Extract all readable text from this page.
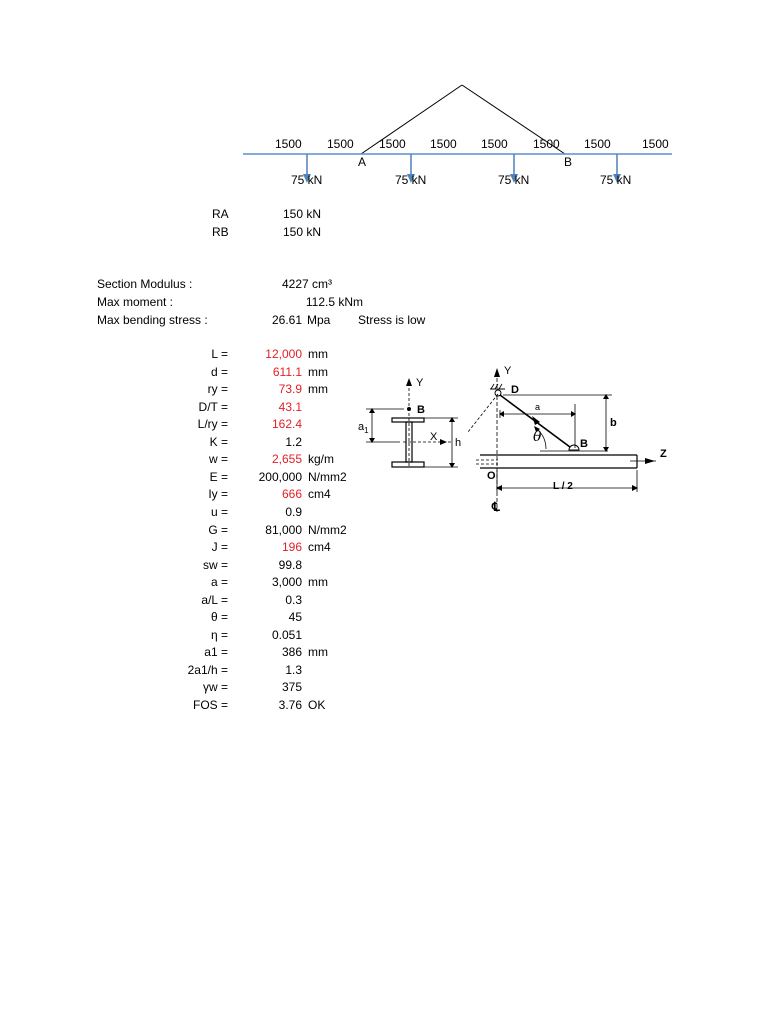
1500 1500 1500 1500 1500 1500 1500	1500
A	B
75 kN	75 kN	75 kN	75 kN
RA	150 kN
RB	150 kN
Section Modulus :	4227 cm³
Max moment :	112.5 kNm
Max bending stress :	26.61 Mpa Stress is low
L =	12,000 mm
d =	611.1 mm
ry =	73.9 mm
D/T =	43.1
L/ry =	162.4
K =	1.2
w =	2,655 kg/m
E =	200,000 N/mm2
Iy =	666 cm4
u =	0.9
G =	81,000 N/mm2
J =	196 cm4
sw =	99.8
a =	3,000 mm
a/L =	0.3
θ =	45
η =	0.051
a1 =	386 mm
2a1/h =	1.3
γw =	375
FOS =	3.76 OK
Y
B
X
$a_1$
h
Y
D
a
b
θ	B
Z
O
L / 2
℄
